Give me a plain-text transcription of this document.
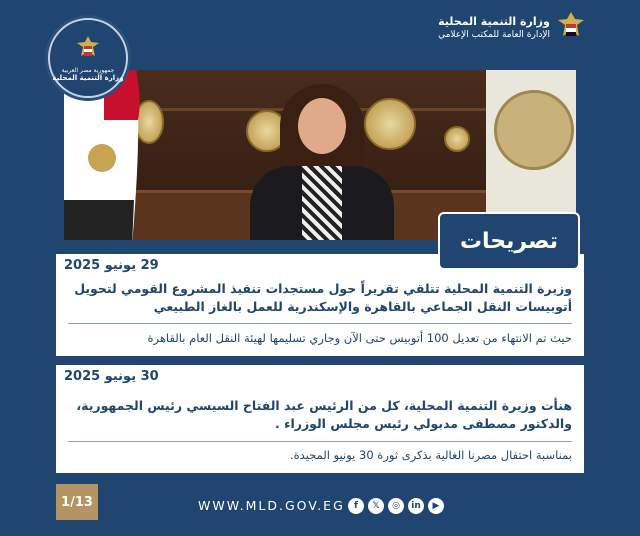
جمهورية مصر العربية
وزارة التنمية المحلية
وزارة التنمية المحلية
الإدارة العامة للمكتب الإعلامي
تصريحات
29 يونيو 2025
وزيرة التنمية المحلية تتلقي تقريراً حول مستجدات تنفيذ المشروع القومي لتحويل أتوبيسات النقل الجماعي بالقاهرة والإسكندرية للعمل بالغاز الطبيعي
حيث تم الانتهاء من تعديل 100 أتوبيس حتى الآن وجاري تسليمها لهيئة النقل العام بالقاهرة
30 يونيو 2025
هنأت وزيرة التنمية المحلية، كل من الرئيس عبد الفتاح السيسي رئيس الجمهورية، والدكتور مصطفى مدبولي رئيس مجلس الوزراء .
بمناسبة احتفال مصرنا الغالية بذكرى ثورة 30 يونيو المجيدة.
1/13	WWW.MLD.GOV.EG	f	𝕏	◎	in	▶
